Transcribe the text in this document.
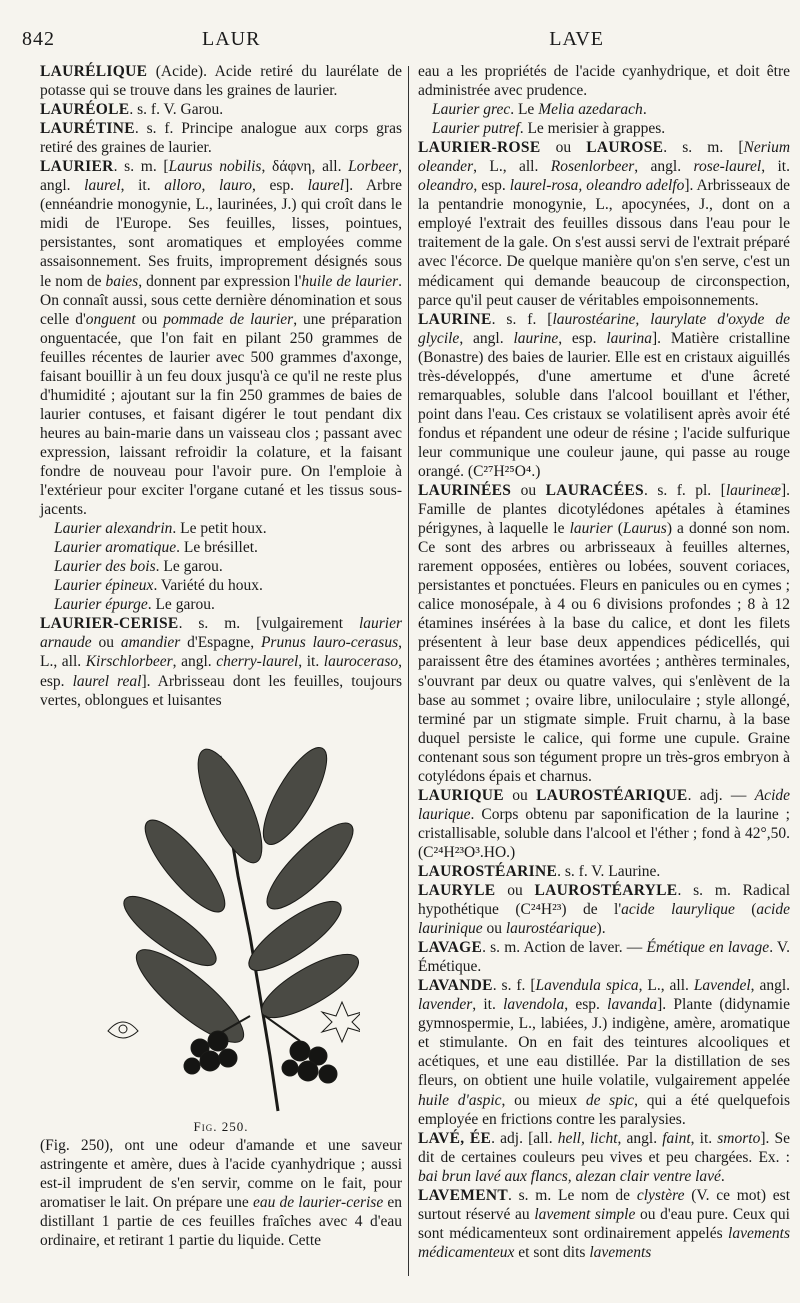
842	LAUR	LAVE

LAURÉLIQUE (Acide). Acide retiré du laurélate de potasse qui se trouve dans les graines de laurier.

LAURÉOLE. s. f. V. Garou.

LAURÉTINE. s. f. Principe analogue aux corps gras retiré des graines de laurier.

LAURIER. s. m. [Laurus nobilis, δάφνη, all. Lorbeer, angl. laurel, it. alloro, lauro, esp. laurel]. Arbre (ennéandrie monogynie, L., laurinées, J.) qui croît dans le midi de l'Europe. Ses feuilles, lisses, pointues, persistantes, sont aromatiques et employées comme assaisonnement. Ses fruits, improprement désignés sous le nom de baies, donnent par expression l'huile de laurier. On connaît aussi, sous cette dernière dénomination et sous celle d'onguent ou pommade de laurier, une préparation onguentacée, que l'on fait en pilant 250 grammes de feuilles récentes de laurier avec 500 grammes d'axonge, faisant bouillir à un feu doux jusqu'à ce qu'il ne reste plus d'humidité ; ajoutant sur la fin 250 grammes de baies de laurier contuses, et faisant digérer le tout pendant dix heures au bain-marie dans un vaisseau clos ; passant avec expression, laissant refroidir la colature, et la faisant fondre de nouveau pour l'avoir pure. On l'emploie à l'extérieur pour exciter l'organe cutané et les tissus sous-jacents.

Laurier alexandrin. Le petit houx.

Laurier aromatique. Le brésillet.

Laurier des bois. Le garou.

Laurier épineux. Variété du houx.

Laurier épurge. Le garou.

LAURIER-CERISE. s. m. [vulgairement laurier arnaude ou amandier d'Espagne, Prunus lauro-cerasus, L., all. Kirschlorbeer, angl. cherry-laurel, it. lauroceraso, esp. laurel real]. Arbrisseau dont les feuilles, toujours vertes, oblongues et luisantes

Fig. 250.

(Fig. 250), ont une odeur d'amande et une saveur astringente et amère, dues à l'acide cyanhydrique ; aussi est-il imprudent de s'en servir, comme on le fait, pour aromatiser le lait. On prépare une eau de laurier-cerise en distillant 1 partie de ces feuilles fraîches avec 4 d'eau ordinaire, et retirant 1 partie du liquide. Cette

eau a les propriétés de l'acide cyanhydrique, et doit être administrée avec prudence.

Laurier grec. Le Melia azedarach.

Laurier putref. Le merisier à grappes.

LAURIER-ROSE ou LAUROSE. s. m. [Nerium oleander, L., all. Rosenlorbeer, angl. rose-laurel, it. oleandro, esp. laurel-rosa, oleandro adelfo]. Arbrisseaux de la pentandrie monogynie, L., apocynées, J., dont on a employé l'extrait des feuilles dissous dans l'eau pour le traitement de la gale. On s'est aussi servi de l'extrait préparé avec l'écorce. De quelque manière qu'on s'en serve, c'est un médicament qui demande beaucoup de circonspection, parce qu'il peut causer de véritables empoisonnements.

LAURINE. s. f. [laurostéarine, laurylate d'oxyde de glycile, angl. laurine, esp. laurina]. Matière cristalline (Bonastre) des baies de laurier. Elle est en cristaux aiguillés très-développés, d'une amertume et d'une âcreté remarquables, soluble dans l'alcool bouillant et l'éther, point dans l'eau. Ces cristaux se volatilisent après avoir été fondus et répandent une odeur de résine ; l'acide sulfurique leur communique une couleur jaune, qui passe au rouge orangé. (C²⁷H²⁵O⁴.)

LAURINÉES ou LAURACÉES. s. f. pl. [laurineæ]. Famille de plantes dicotylédones apétales à étamines périgynes, à laquelle le laurier (Laurus) a donné son nom. Ce sont des arbres ou arbrisseaux à feuilles alternes, rarement opposées, entières ou lobées, souvent coriaces, persistantes et ponctuées. Fleurs en panicules ou en cymes ; calice monosépale, à 4 ou 6 divisions profondes ; 8 à 12 étamines insérées à la base du calice, et dont les filets présentent à leur base deux appendices pédicellés, qui paraissent être des étamines avortées ; anthères terminales, s'ouvrant par deux ou quatre valves, qui s'enlèvent de la base au sommet ; ovaire libre, uniloculaire ; style allongé, terminé par un stigmate simple. Fruit charnu, à la base duquel persiste le calice, qui forme une cupule. Graine contenant sous son tégument propre un très-gros embryon à cotylédons épais et charnus.

LAURIQUE ou LAUROSTÉARIQUE. adj. — Acide laurique. Corps obtenu par saponification de la laurine ; cristallisable, soluble dans l'alcool et l'éther ; fond à 42°,50. (C²⁴H²³O³.HO.)

LAUROSTÉARINE. s. f. V. Laurine.

LAURYLE ou LAUROSTÉARYLE. s. m. Radical hypothétique (C²⁴H²³) de l'acide laurylique (acide laurinique ou laurostéarique).

LAVAGE. s. m. Action de laver. — Émétique en lavage. V. Émétique.

LAVANDE. s. f. [Lavendula spica, L., all. Lavendel, angl. lavender, it. lavendola, esp. lavanda]. Plante (didynamie gymnospermie, L., labiées, J.) indigène, amère, aromatique et stimulante. On en fait des teintures alcooliques et acétiques, et une eau distillée. Par la distillation de ses fleurs, on obtient une huile volatile, vulgairement appelée huile d'aspic, ou mieux de spic, qui a été quelquefois employée en frictions contre les paralysies.

LAVÉ, ÉE. adj. [all. hell, licht, angl. faint, it. smorto]. Se dit de certaines couleurs peu vives et peu chargées. Ex. : bai brun lavé aux flancs, alezan clair ventre lavé.

LAVEMENT. s. m. Le nom de clystère (V. ce mot) est surtout réservé au lavement simple ou d'eau pure. Ceux qui sont médicamenteux sont ordinairement appelés lavements médicamenteux et sont dits lavements
